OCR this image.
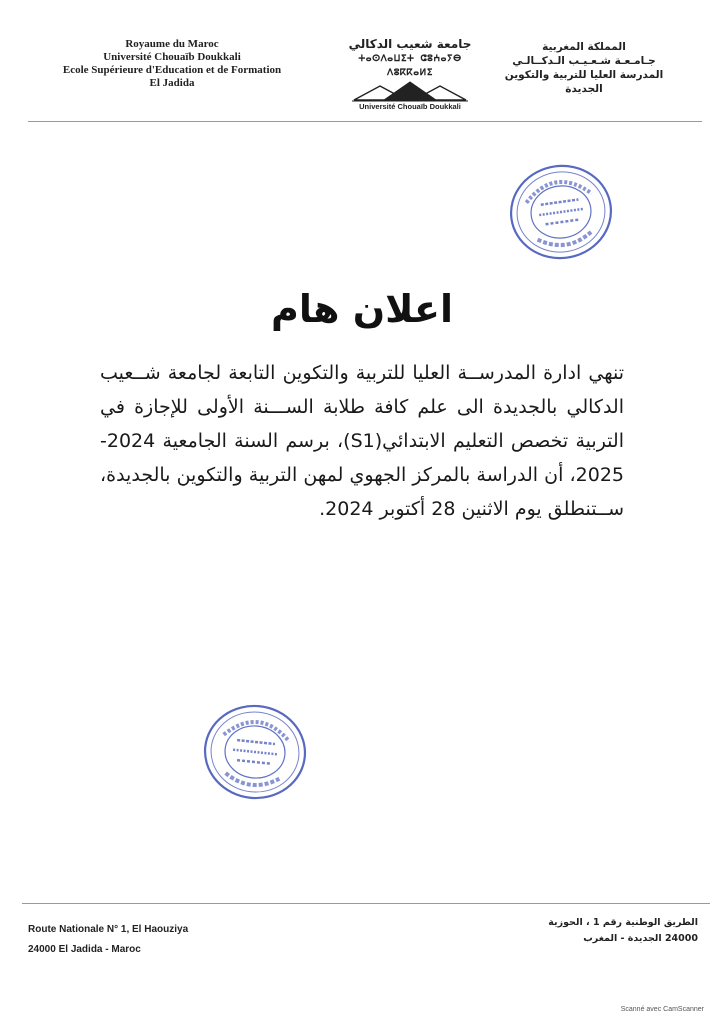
Royaume du Maroc
Université Chouaïb Doukkali
Ecole Supérieure d'Education et de Formation
El Jadida
جامعة شعيب الدكالي
ⵜⴰⵙⴷⴰⵡⵉⵜ ⵛⵓⵄⴰⵢⴱ ⴷⵓⴽⴽⴰⵍⵉ
Université Chouaïb Doukkali
المملكة المغربية
جـامـعـة شـعـيـب الـدكــالـي
المدرسة العليا للتربية والتكوين
الجديدة
اعلان هام
تنهي ادارة المدرســة العليا للتربية والتكوين التابعة لجامعة شــعيب الدكالي بالجديدة الى علم كافة طلابة الســـنة الأولى للإجازة في التربية تخصص التعليم الابتدائي(S1)، برسم السنة الجامعية 2024-2025، أن الدراسة بالمركز الجهوي لمهن التربية والتكوين بالجديدة، ســتنطلق يوم الاثنين 28 أكتوبر 2024.
Route Nationale N° 1, El Haouziya
24000 El Jadida - Maroc
الطريق الوطنية رقم 1 ، الحوزية
24000 الجديدة - المغرب
Scanné avec CamScanner
